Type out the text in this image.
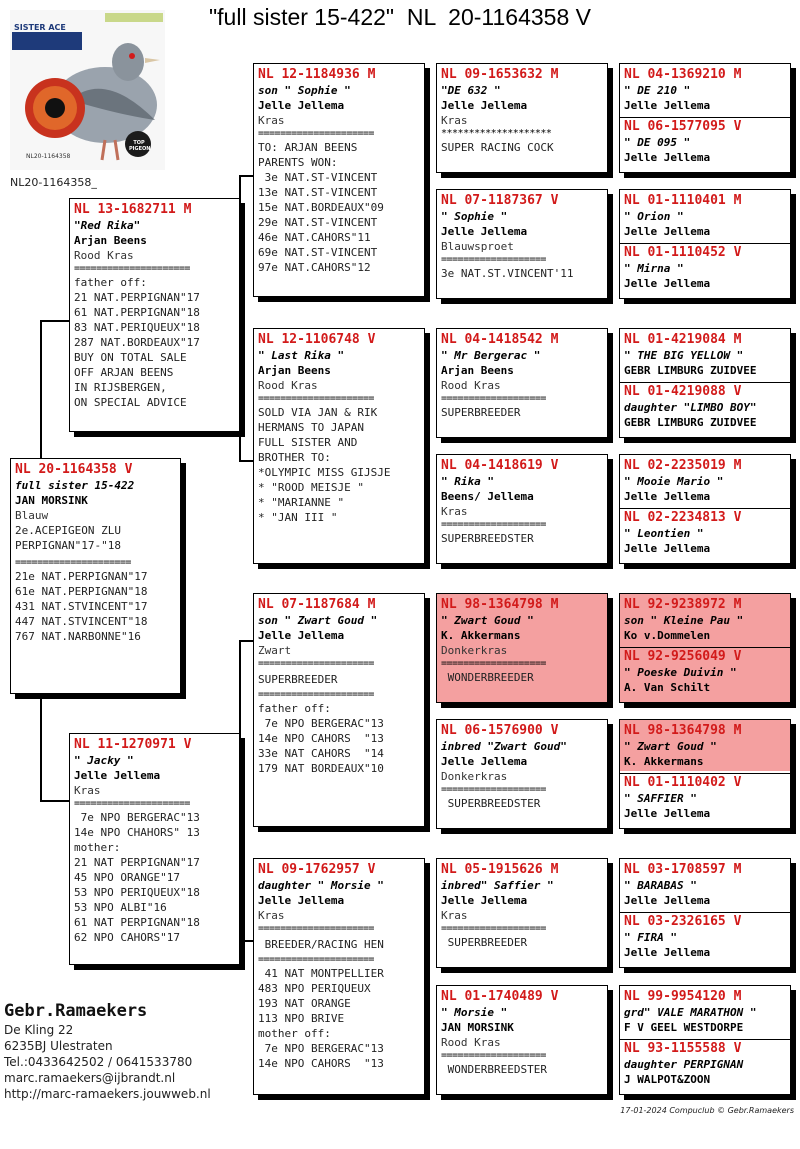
"full sister 15-422"  NL  20-1164358 V
SISTER ACE PERPIGNAN
NL20-1164358
TOP PIGEON
NL20-1164358_
NL 20-1164358 V
full sister 15-422
JAN MORSINK
Blauw
2e.ACEPIGEON ZLU
PERPIGNAN"17-"18
=====================
21e NAT.PERPIGNAN"17
61e NAT.PERPIGNAN"18
431 NAT.STVINCENT"17
447 NAT.STVINCENT"18
767 NAT.NARBONNE"16
NL 13-1682711 M
"Red Rika"
Arjan Beens
Rood Kras
=====================
father off:
21 NAT.PERPIGNAN"17
61 NAT.PERPIGNAN"18
83 NAT.PERIQUEUX"18
287 NAT.BORDEAUX"17
BUY ON TOTAL SALE
OFF ARJAN BEENS
IN RIJSBERGEN,
ON SPECIAL ADVICE
NL 11-1270971 V
" Jacky "
Jelle Jellema
Kras
=====================
7e NPO BERGERAC"13
14e NPO CHAHORS" 13
mother:
21 NAT PERPIGNAN"17
45 NPO ORANGE"17
53 NPO PERIQUEUX"18
53 NPO ALBI"16
61 NAT PERPIGNAN"18
62 NPO CAHORS"17
NL 12-1184936 M
son " Sophie "
Jelle Jellema
Kras
=====================
TO: ARJAN BEENS
PARENTS WON:
3e NAT.ST-VINCENT
13e NAT.ST-VINCENT
15e NAT.BORDEAUX"09
29e NAT.ST-VINCENT
46e NAT.CAHORS"11
69e NAT.ST-VINCENT
97e NAT.CAHORS"12
NL 12-1106748 V
" Last Rika "
Arjan Beens
Rood Kras
=====================
SOLD VIA JAN & RIK
HERMANS TO JAPAN
FULL SISTER AND
BROTHER TO:
*OLYMPIC MISS GIJSJE
* "ROOD MEISJE "
* "MARIANNE "
* "JAN III "
NL 07-1187684 M
son " Zwart Goud "
Jelle Jellema
Zwart
=====================
SUPERBREEDER
=====================
father off:
7e NPO BERGERAC"13
14e NPO CAHORS  "13
33e NAT CAHORS  "14
179 NAT BORDEAUX"10
NL 09-1762957 V
daughter " Morsie "
Jelle Jellema
Kras
=====================
BREEDER/RACING HEN
=====================
41 NAT MONTPELLIER
483 NPO PERIQUEUX
193 NAT ORANGE
113 NPO BRIVE
mother off:
7e NPO BERGERAC"13
14e NPO CAHORS  "13
NL 09-1653632 M
"DE 632 "
Jelle Jellema
Kras
********************
SUPER RACING COCK
NL 07-1187367 V
" Sophie "
Jelle Jellema
Blauwsproet
===================
3e NAT.ST.VINCENT'11
NL 04-1418542 M
" Mr Bergerac "
Arjan Beens
Rood Kras
===================
SUPERBREEDER
NL 04-1418619 V
" Rika "
Beens/ Jellema
Kras
===================
SUPERBREEDSTER
NL 98-1364798 M
" Zwart Goud "
K. Akkermans
Donkerkras
===================
WONDERBREEDER
NL 06-1576900 V
inbred "Zwart Goud"
Jelle Jellema
Donkerkras
===================
SUPERBREEDSTER
NL 05-1915626 M
inbred" Saffier "
Jelle Jellema
Kras
===================
SUPERBREEDER
NL 01-1740489 V
" Morsie "
JAN MORSINK
Rood Kras
===================
WONDERBREEDSTER
NL 04-1369210 M
" DE 210 "
Jelle Jellema
NL 06-1577095 V
" DE 095 "
Jelle Jellema
NL 01-1110401 M
" Orion "
Jelle Jellema
NL 01-1110452 V
" Mirna "
Jelle Jellema
NL 01-4219084 M
" THE BIG YELLOW "
GEBR LIMBURG ZUIDVEE
NL 01-4219088 V
daughter "LIMBO BOY"
GEBR LIMBURG ZUIDVEE
NL 02-2235019 M
" Mooie Mario "
Jelle Jellema
NL 02-2234813 V
" Leontien "
Jelle Jellema
NL 92-9238972 M
son " Kleine Pau "
Ko v.Dommelen
NL 92-9256049 V
" Poeske Duivin "
A. Van Schilt
NL 98-1364798 M
" Zwart Goud "
K. Akkermans
NL 01-1110402 V
" SAFFIER "
Jelle Jellema
NL 03-1708597 M
" BARABAS "
Jelle Jellema
NL 03-2326165 V
" FIRA "
Jelle Jellema
NL 99-9954120 M
grd" VALE MARATHON "
F V GEEL WESTDORPE
NL 93-1155588 V
daughter PERPIGNAN
J WALPOT&ZOON
Gebr.Ramaekers
De Kling 22
6235BJ Ulestraten
Tel.:0433642502 / 0641533780
marc.ramaekers@ijbrandt.nl
http://marc-ramaekers.jouwweb.nl
17-01-2024 Compuclub © Gebr.Ramaekers
